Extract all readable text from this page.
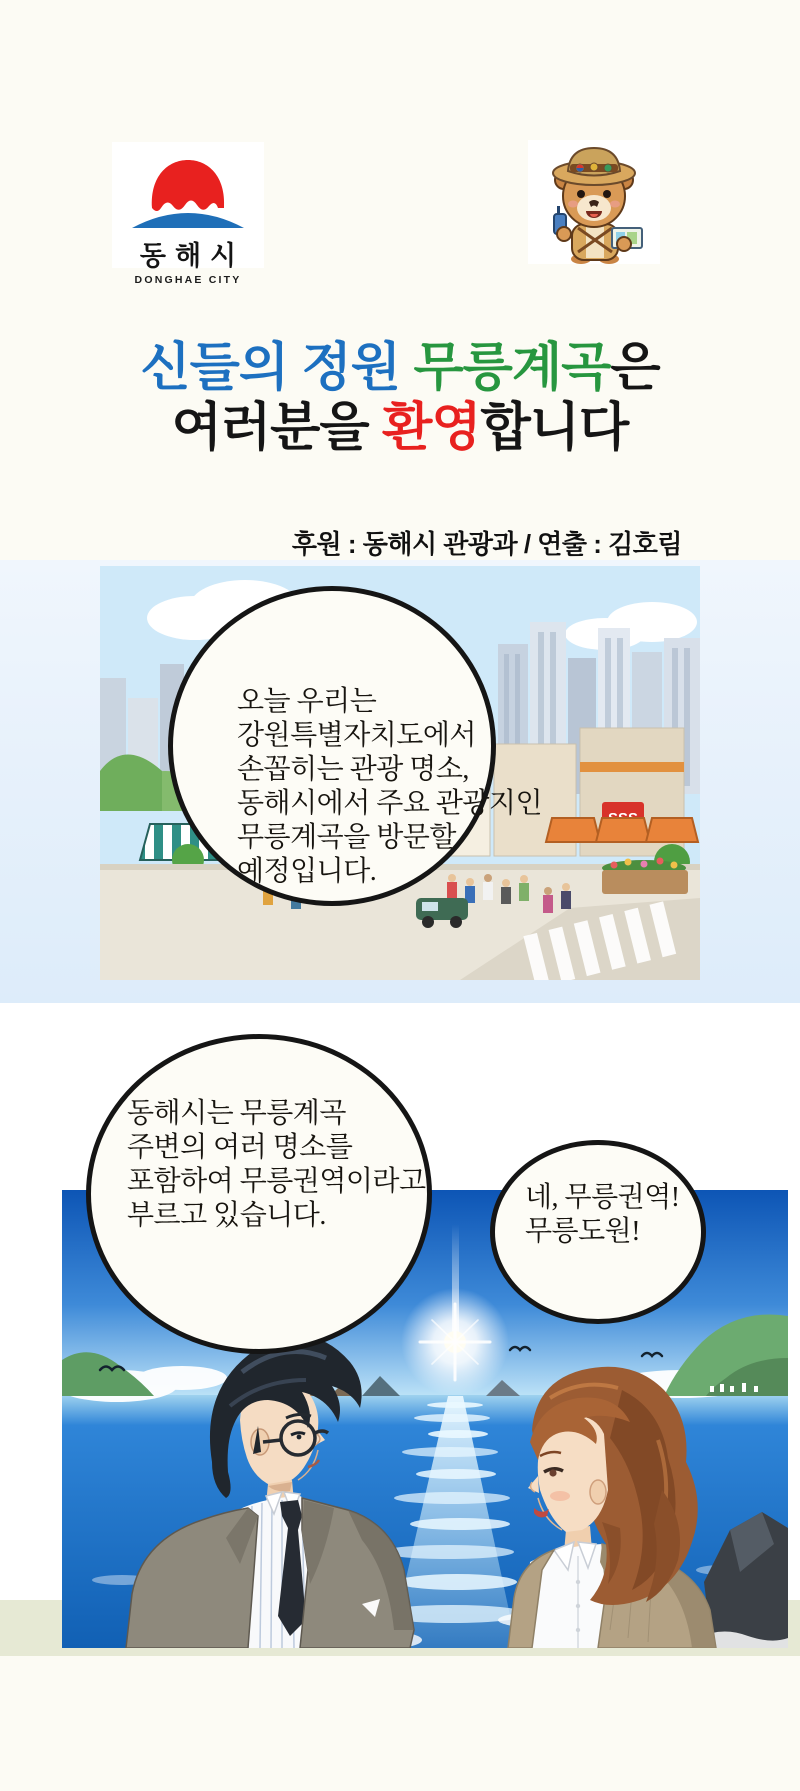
동해시
DONGHAE CITY
신들의 정원 무릉계곡은
여러분을 환영합니다
후원 : 동해시 관광과 / 연출 : 김호림
오늘 우리는
강원특별자치도에서
손꼽히는 관광 명소,
동해시에서 주요 관광지인
무릉계곡을 방문할
예정입니다.
동해시는 무릉계곡
주변의 여러 명소를
포함하여 무릉권역이라고
부르고 있습니다.
네, 무릉권역!
무릉도원!
